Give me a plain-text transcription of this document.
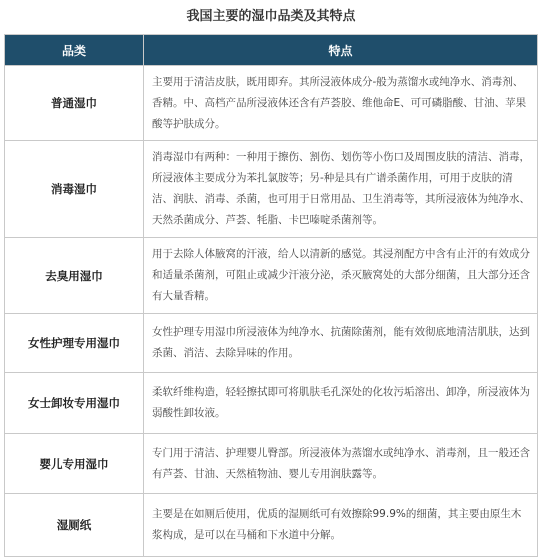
我国主要的湿巾品类及其特点
品类	特点
普通湿巾	主要用于清洁皮肤，既用即弃。其所浸液体成分-般为蒸馏水或纯净水、消毒剂、香精。中、高档产品所浸液体还含有芦荟胶、维他命E、可可磷脂酸、甘油、苹果酸等护肤成分。
消毒湿巾	消毒湿巾有两种：一种用于擦伤、割伤、划伤等小伤口及周围皮肤的清洁、消毒，所浸液体主要成分为苯扎氯胺等；另-种是具有广谱杀菌作用，可用于皮肤的清洁、润肤、消毒、杀菌，也可用于日常用品、卫生消毒等，其所浸液体为纯净水、天然杀菌成分、芦荟、牦脂、卡巴嗪啶杀菌剂等。
去臭用湿巾	用于去除人体腋窝的汗液，给人以清新的感觉。其浸剂配方中含有止汗的有效成分和适量杀菌剂，可阻止或减少汗液分泌，杀灭腋窝处的大部分细菌，且大部分还含有大量香精。
女性护理专用湿巾	女性护理专用湿巾所浸液体为纯净水、抗菌除菌剂，能有效彻底地清洁肌肤，达到杀菌、消洁、去除异味的作用。
女士卸妆专用湿巾	柔软纤维构造，轻轻擦拭即可将肌肤毛孔深处的化妆污垢溶出、卸净，所浸液体为弱酸性卸妆液。
婴儿专用湿巾	专门用于清洁、护理婴儿臀部。所浸液体为蒸馏水或纯净水、消毒剂，且一般还含有芦荟、甘油、天然植物油、婴儿专用润肤露等。
湿厕纸	主要是在如厕后使用，优质的湿厕纸可有效擦除99.9%的细菌，其主要由原生木浆构成，是可以在马桶和下水道中分解。
